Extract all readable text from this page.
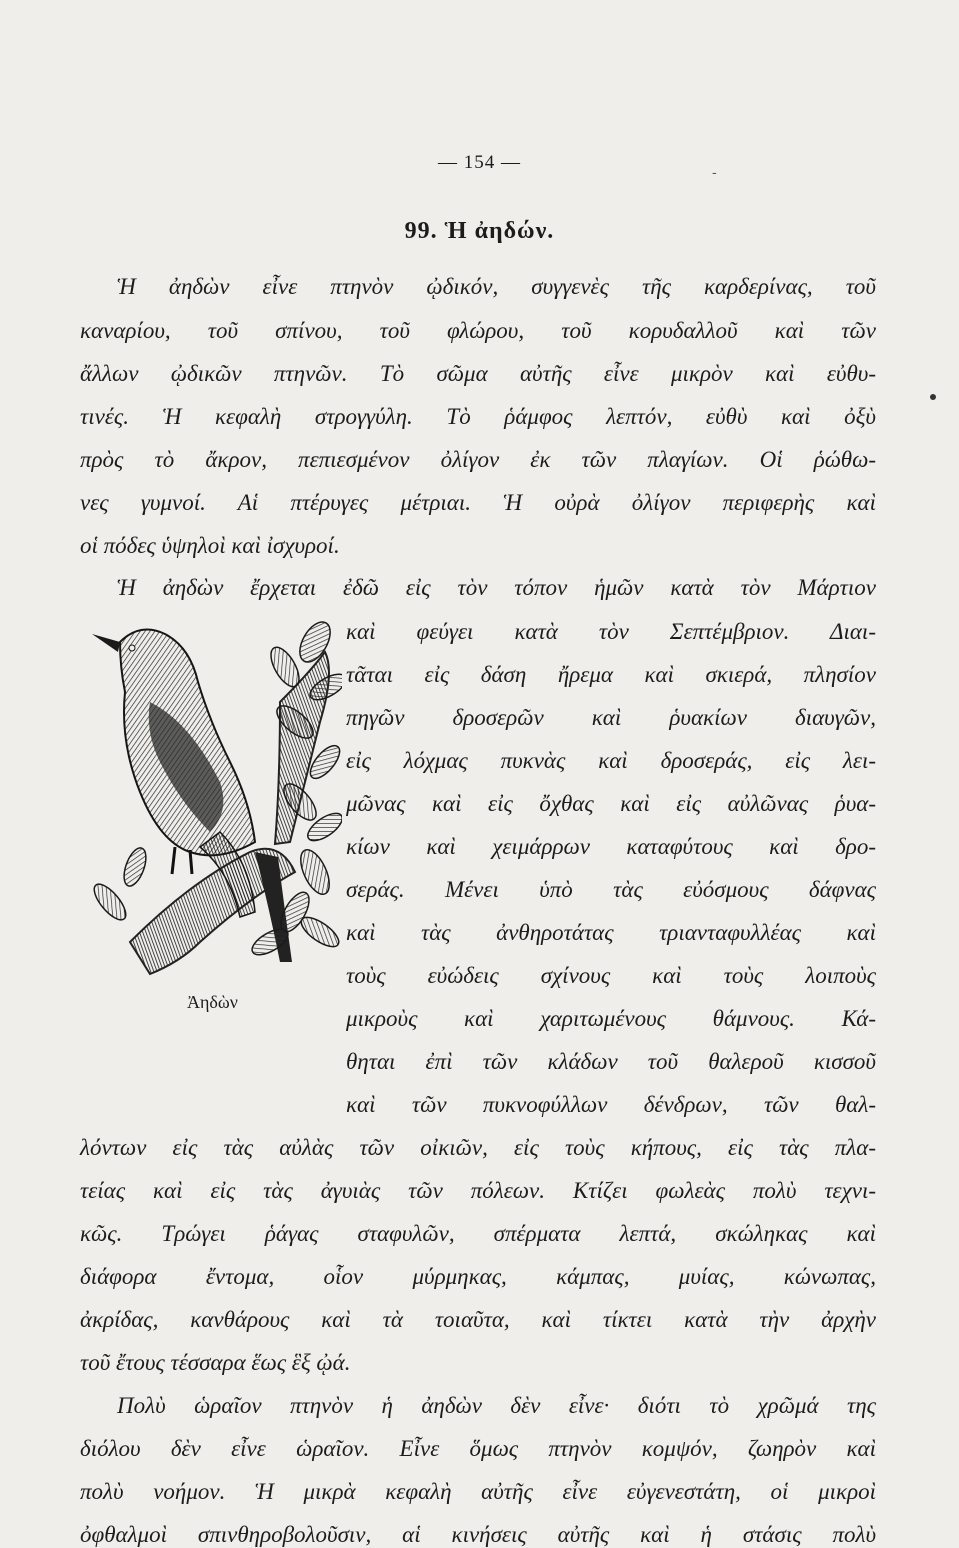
— 154 —	-
99. Ἡ ἀηδών.
Ἡ ἀηδὼν εἶνε πτηνὸν ᾠδικόν, συγγενὲς τῆς καρδερίνας, τοῦ
καναρίου, τοῦ σπίνου, τοῦ φλώρου, τοῦ κορυδαλλοῦ καὶ τῶν
ἄλλων ᾠδικῶν πτηνῶν. Τὸ σῶμα αὐτῆς εἶνε μικρὸν καὶ εὐθυ-
τινές. Ἡ κεφαλὴ στρογγύλη. Τὸ ῥάμφος λεπτόν, εὐθὺ καὶ ὀξὺ
πρὸς τὸ ἄκρον, πεπιεσμένον ὀλίγον ἐκ τῶν πλαγίων. Οἱ ῥώθω-
νες γυμνοί. Αἱ πτέρυγες μέτριαι. Ἡ οὐρὰ ὀλίγον περιφερὴς καὶ
οἱ πόδες ὑψηλοὶ καὶ ἰσχυροί.
Ἡ ἀηδὼν ἔρχεται ἐδῶ εἰς τὸν τόπον ἡμῶν κατὰ τὸν Μάρτιον
καὶ φεύγει κατὰ τὸν Σεπτέμβριον. Διαι-
τᾶται εἰς δάση ἤρεμα καὶ σκιερά, πλησίον
πηγῶν δροσερῶν καὶ ῥυακίων διαυγῶν,
εἰς λόχμας πυκνὰς καὶ δροσεράς, εἰς λει-
μῶνας καὶ εἰς ὄχθας καὶ εἰς αὐλῶνας ῥυα-
κίων καὶ χειμάρρων καταφύτους καὶ δρο-
σεράς. Μένει ὑπὸ τὰς εὐόσμους δάφνας
καὶ τὰς ἀνθηροτάτας τριανταφυλλέας καὶ
τοὺς εὐώδεις σχίνους καὶ τοὺς λοιποὺς
μικροὺς καὶ χαριτωμένους θάμνους. Κά-
θηται ἐπὶ τῶν κλάδων τοῦ θαλεροῦ κισσοῦ
καὶ τῶν πυκνοφύλλων δένδρων, τῶν θαλ-
λόντων εἰς τὰς αὐλὰς τῶν οἰκιῶν, εἰς τοὺς κήπους, εἰς τὰς πλα-
τείας καὶ εἰς τὰς ἀγυιὰς τῶν πόλεων. Κτίζει φωλεὰς πολὺ τεχνι-
κῶς. Τρώγει ῥάγας σταφυλῶν, σπέρματα λεπτά, σκώληκας καὶ
διάφορα ἔντομα, οἷον μύρμηκας, κάμπας, μυίας, κώνωπας,
ἀκρίδας, κανθάρους καὶ τὰ τοιαῦτα, καὶ τίκτει κατὰ τὴν ἀρχὴν
τοῦ ἔτους τέσσαρα ἕως ἓξ ᾠά.
Πολὺ ὡραῖον πτηνὸν ἡ ἀηδὼν δὲν εἶνε· διότι τὸ χρῶμά της
διόλου δὲν εἶνε ὡραῖον. Εἶνε ὅμως πτηνὸν κομψόν, ζωηρὸν καὶ
πολὺ νοήμον. Ἡ μικρὰ κεφαλὴ αὐτῆς εἶνε εὐγενεστάτη, οἱ μικροὶ
ὀφθαλμοὶ σπινθηροβολοῦσιν, αἱ κινήσεις αὐτῆς καὶ ἡ στάσις πολὺ
Ἀηδὼν
